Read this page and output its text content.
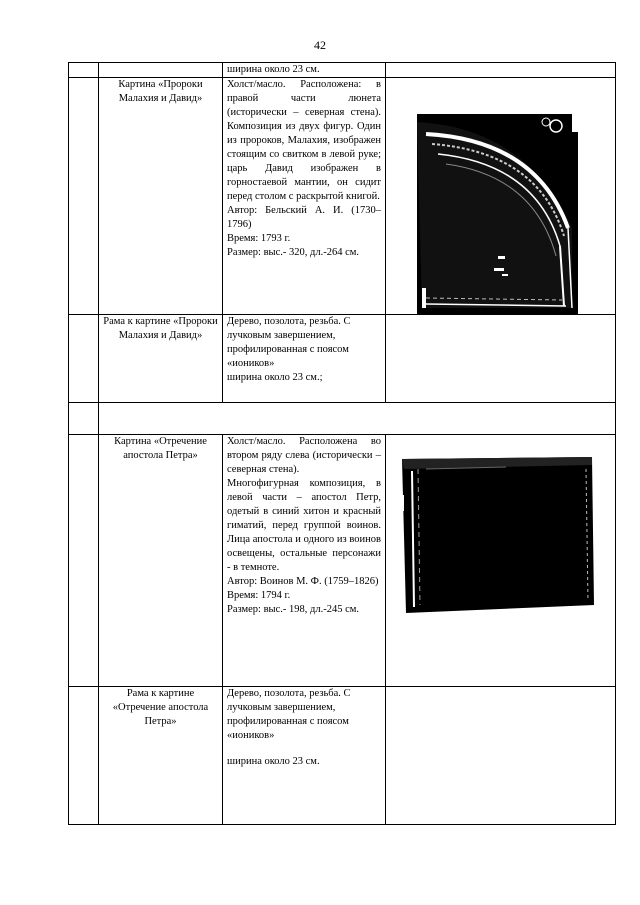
42
		ширина около 23 см.	
	Картина «Пророки Малахия и Давид»	Холст/масло. Расположена: в правой части люнета (исторически – северная стена). Композиция из двух фигур. Один из пророков, Малахия, изображен стоящим со свитком в левой руке; царь Давид изображен в горностаевой мантии, он сидит перед столом с раскрытой книгой.

Автор: Бельский А. И. (1730–1796)

Время: 1793 г.

Размер: выс.- 320, дл.-264 см.

	Рама к картине «Пророки Малахия и Давид»	Дерево, позолота, резьба. С лучковым завершением, профилированная с поясом «иоников»
ширина около 23 см.;	

	Картина «Отречение апостола Петра»	Холст/масло. Расположена во втором ряду слева (исторически – северная стена).

Многофигурная композиция, в левой части – апостол Петр, одетый в синий хитон и красный гиматий, перед группой воинов. Лица апостола и одного из воинов освещены, остальные персонажи - в темноте.

Автор: Воинов М. Ф. (1759–1826)

Время: 1794 г.

Размер: выс.- 198, дл.-245 см.

	Рама к картине «Отречение апостола Петра»	Дерево, позолота, резьба. С лучковым завершением, профилированная с поясом «иоников»
ширина около 23 см.	
